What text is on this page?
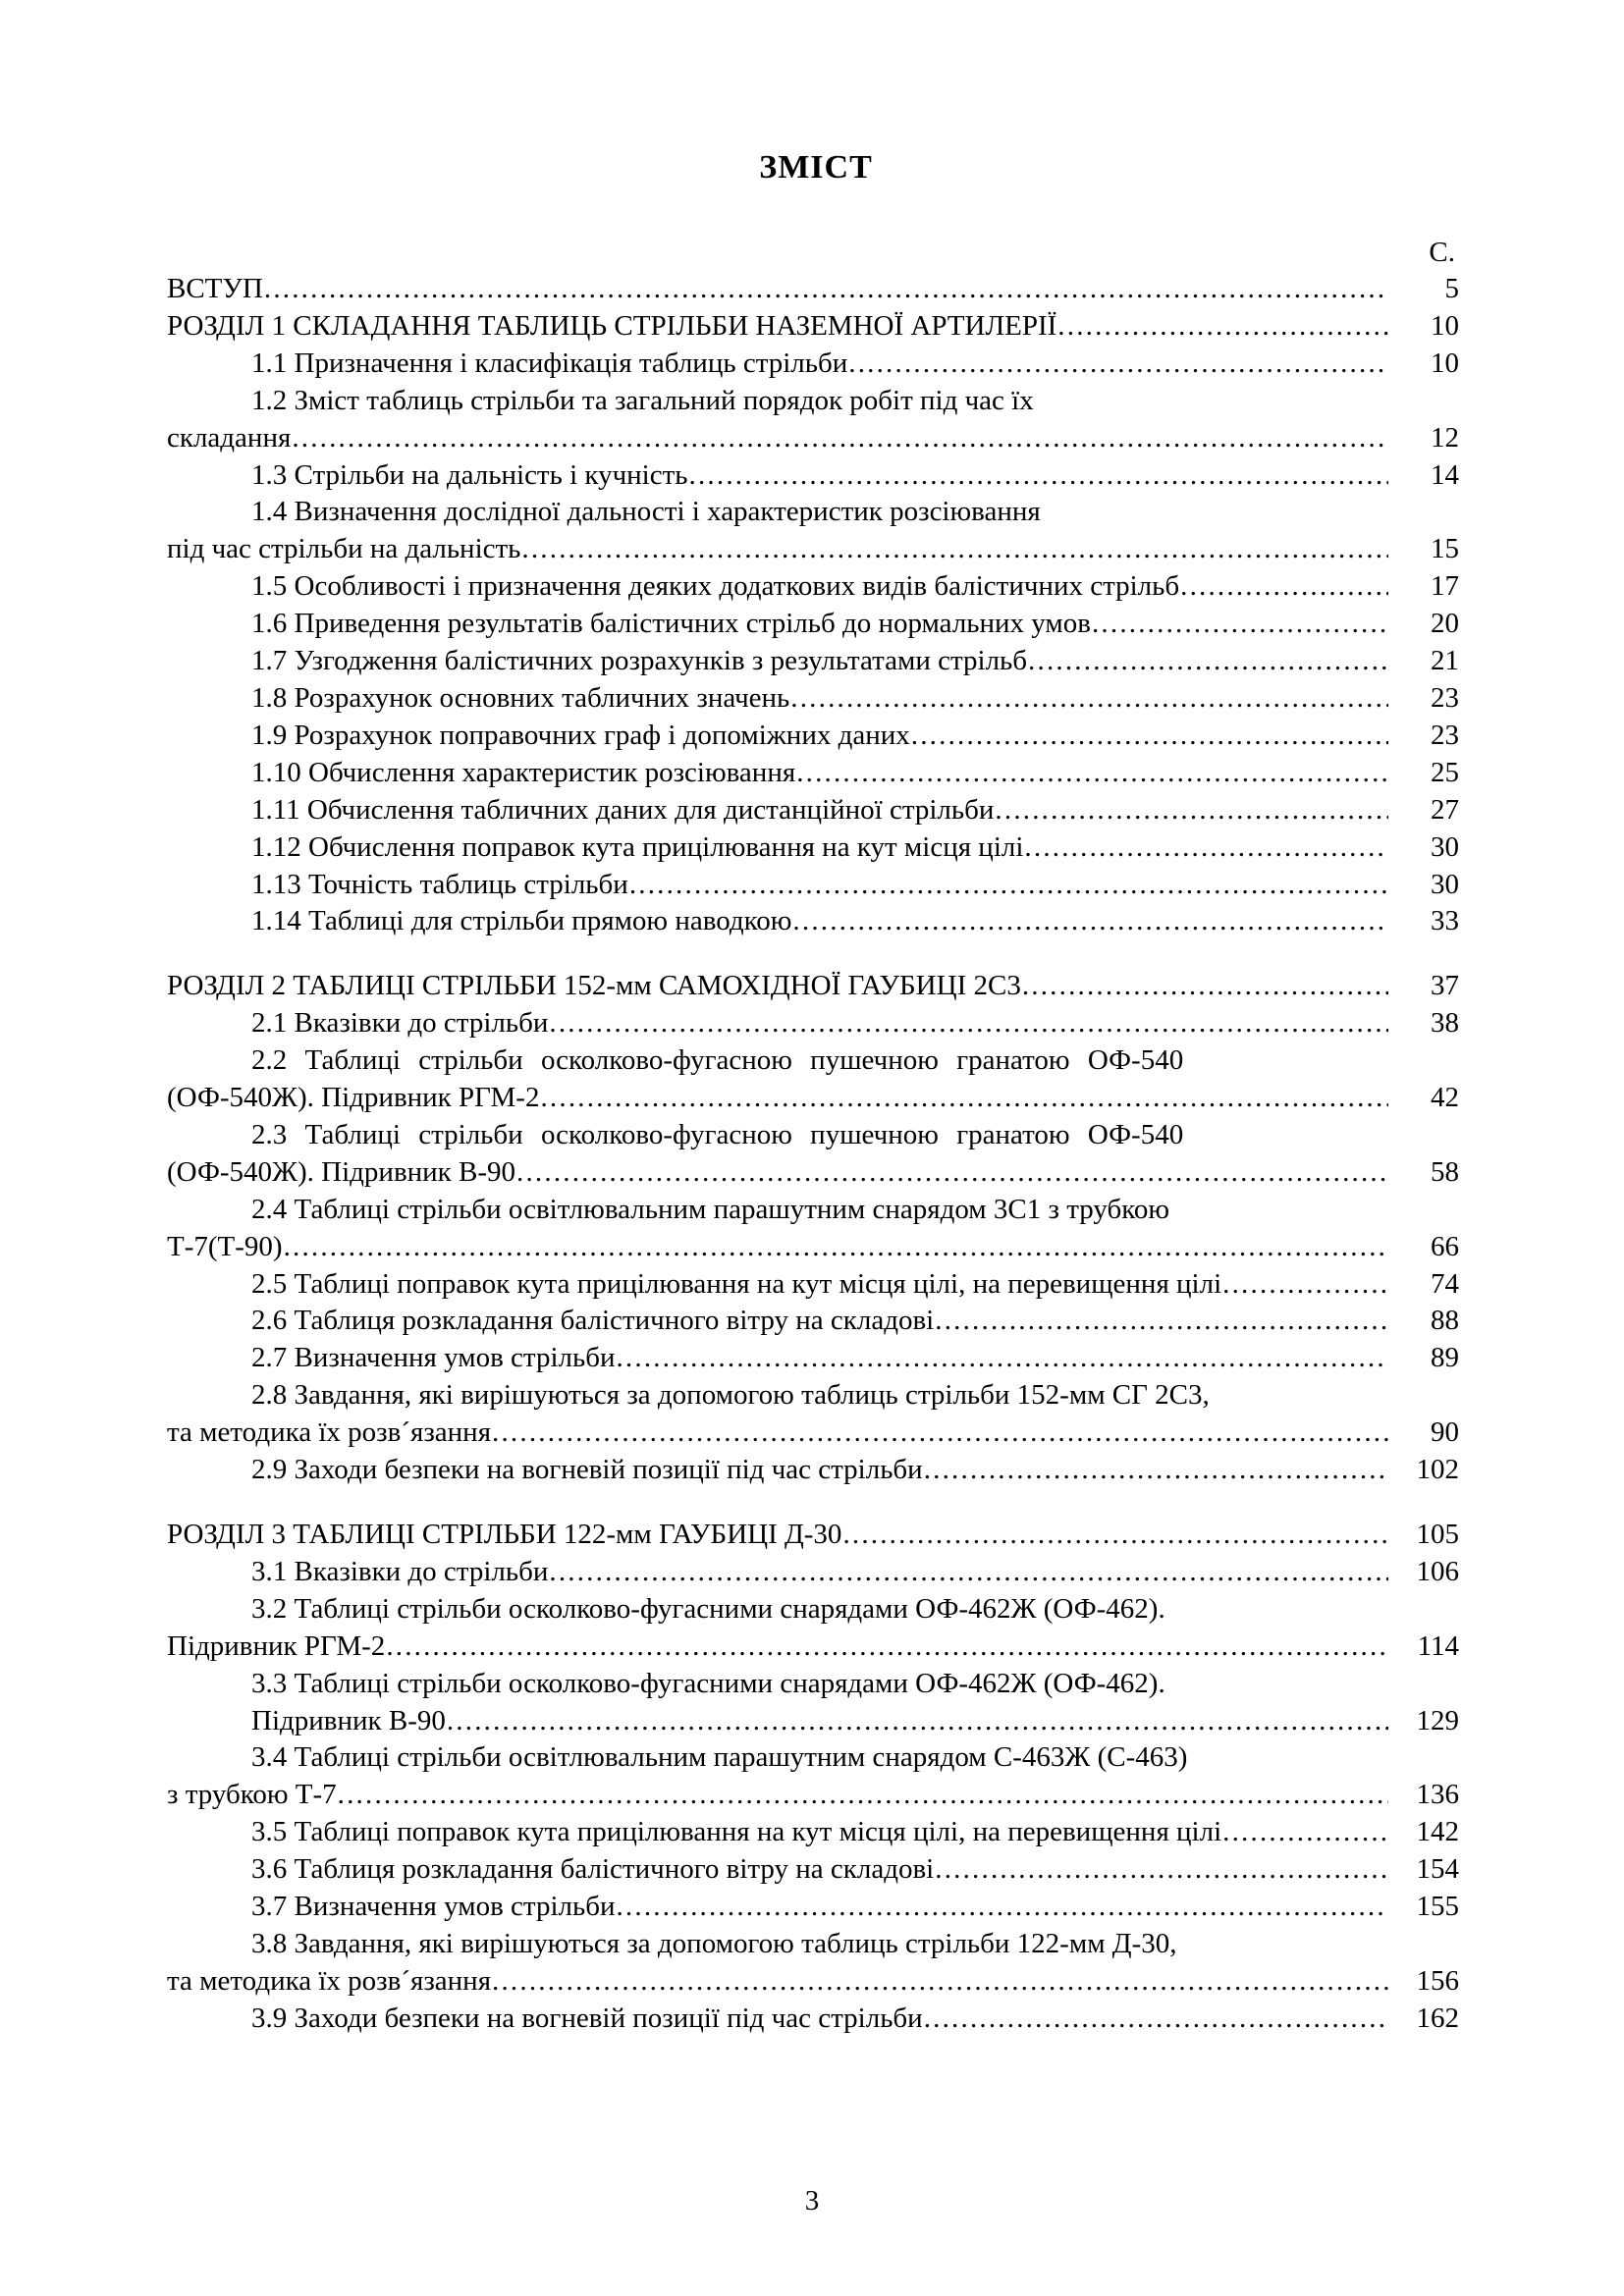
ЗМІСТ
С.
ВСТУП .....	5
РОЗДІЛ 1 СКЛАДАННЯ ТАБЛИЦЬ СТРІЛЬБИ НАЗЕМНОЇ АРТИЛЕРІЇ .....	10
1.1 Призначення і класифікація таблиць стрільби .....	10
1.2 Зміст таблиць стрільби та загальний порядок робіт під час їх
складання .....	12
1.3 Стрільби на дальність і кучність .....	14
1.4 Визначення дослідної дальності і характеристик розсіювання
під час стрільби на дальність .....	15
1.5 Особливості і призначення деяких додаткових видів балістичних стрільб .....	17
1.6 Приведення результатів балістичних стрільб до нормальних умов .....	20
1.7 Узгодження балістичних розрахунків з результатами стрільб .....	21
1.8 Розрахунок основних табличних значень .....	23
1.9 Розрахунок поправочних граф і допоміжних даних .....	23
1.10 Обчислення характеристик розсіювання .....	25
1.11 Обчислення табличних даних для дистанційної стрільби .....	27
1.12 Обчислення поправок кута прицілювання на кут місця цілі .....	30
1.13 Точність таблиць стрільби .....	30
1.14 Таблиці для стрільби прямою наводкою .....	33
РОЗДІЛ 2 ТАБЛИЦІ СТРІЛЬБИ 152-мм САМОХІДНОЇ ГАУБИЦІ 2С3 .....	37
2.1 Вказівки до стрільби .....	38
2.2 Таблиці стрільби осколково-фугасною пушечною гранатою ОФ-540
(ОФ-540Ж). Підривник РГМ-2 .....	42
2.3 Таблиці стрільби осколково-фугасною пушечною гранатою ОФ-540
(ОФ-540Ж). Підривник В-90 .....	58
2.4 Таблиці стрільби освітлювальним парашутним снарядом 3С1 з трубкою
Т-7(Т-90) .....	66
2.5 Таблиці поправок кута прицілювання на кут місця цілі, на перевищення цілі .....	74
2.6 Таблиця розкладання балістичного вітру на складові .....	88
2.7 Визначення умов стрільби .....	89
2.8 Завдання, які вирішуються за допомогою таблиць стрільби 152-мм СГ 2С3,
та методика їх розв´язання .....	90
2.9 Заходи безпеки на вогневій позиції під час стрільби .....	102
РОЗДІЛ 3 ТАБЛИЦІ СТРІЛЬБИ 122-мм ГАУБИЦІ Д-30 .....	105
3.1 Вказівки до стрільби .....	106
3.2 Таблиці стрільби осколково-фугасними снарядами ОФ-462Ж (ОФ-462).
Підривник РГМ-2 .....	114
3.3 Таблиці стрільби осколково-фугасними снарядами ОФ-462Ж (ОФ-462).
Підривник В-90 .....	129
3.4 Таблиці стрільби освітлювальним парашутним снарядом С-463Ж (С-463)
з трубкою Т-7 .....	136
3.5 Таблиці поправок кута прицілювання на кут місця цілі, на перевищення цілі .....	142
3.6 Таблиця розкладання балістичного вітру на складові .....	154
3.7 Визначення умов стрільби .....	155
3.8 Завдання, які вирішуються за допомогою таблиць стрільби 122-мм Д-30,
та методика їх розв´язання .....	156
3.9 Заходи безпеки на вогневій позиції під час стрільби .....	162
3
